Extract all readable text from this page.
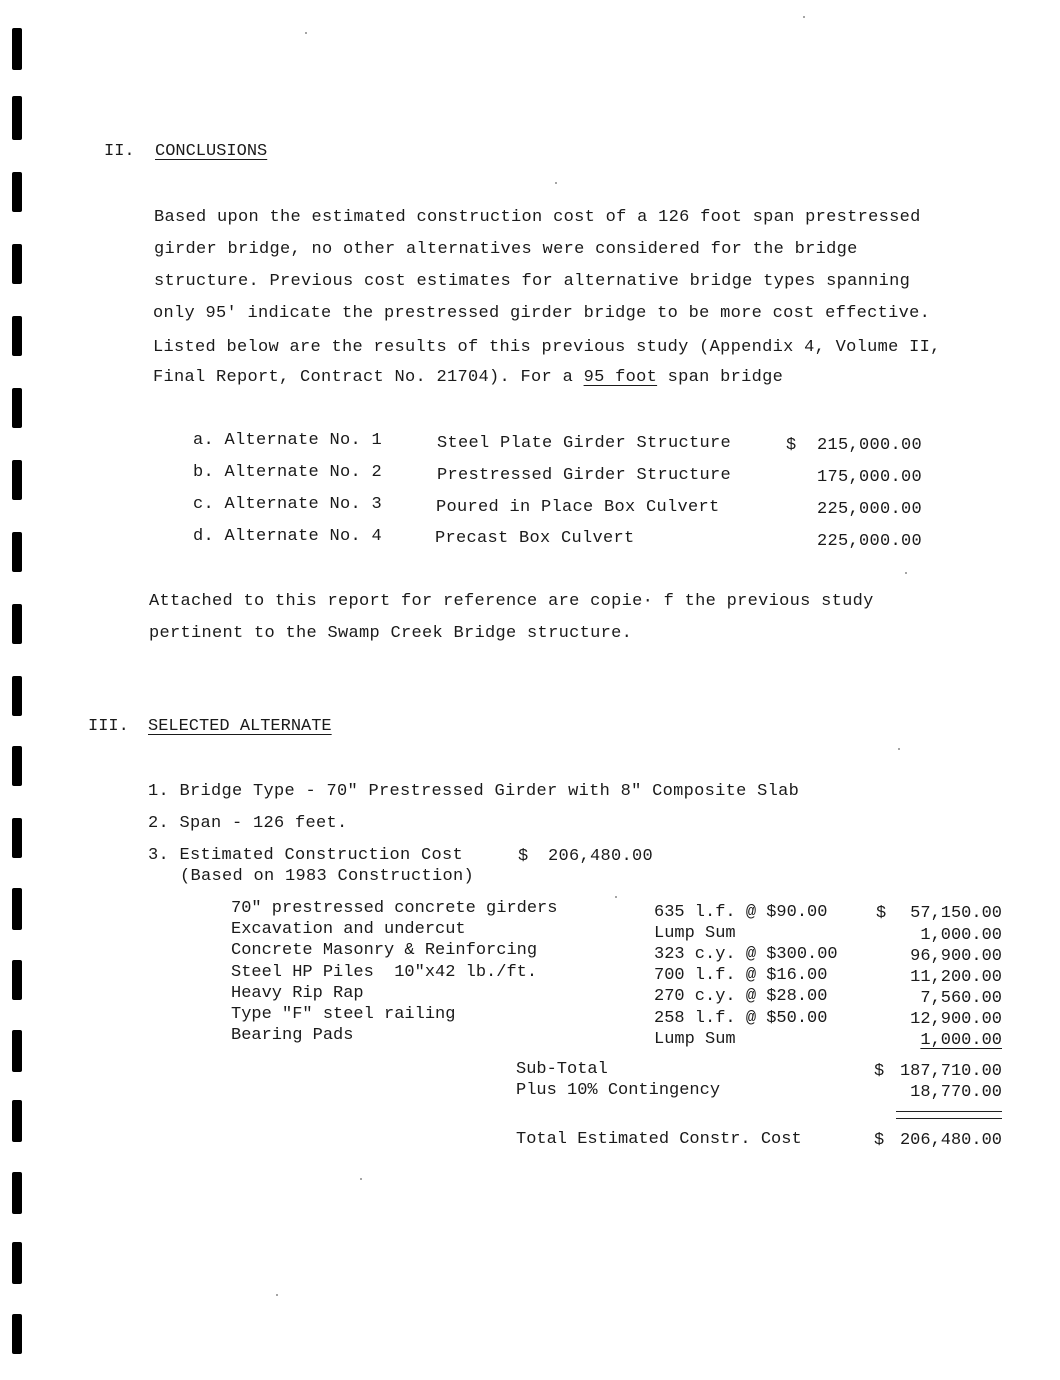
II. CONCLUSIONS
Based upon the estimated construction cost of a 126 foot span prestressed
girder bridge, no other alternatives were considered for the bridge
structure. Previous cost estimates for alternative bridge types spanning
only 95' indicate the prestressed girder bridge to be more cost effective.
Listed below are the results of this previous study (Appendix 4, Volume II,
Final Report, Contract No. 21704). For a 95 foot span bridge
a. Alternate No. 1	Steel Plate Girder Structure	$	215,000.00
b. Alternate No. 2	Prestressed Girder Structure	175,000.00
c. Alternate No. 3	Poured in Place Box Culvert	225,000.00
d. Alternate No. 4	Precast Box Culvert	225,000.00
Attached to this report for reference are copie· f the previous study
pertinent to the Swamp Creek Bridge structure.
III. SELECTED ALTERNATE
1. Bridge Type - 70" Prestressed Girder with 8" Composite Slab
2. Span - 126 feet.
3. Estimated Construction Cost	$ 206,480.00
(Based on 1983 Construction)
70" prestressed concrete girders	635 l.f. @ $90.00	$	57,150.00
Excavation and undercut	Lump Sum	1,000.00
Concrete Masonry & Reinforcing	323 c.y. @ $300.00	96,900.00
Steel HP Piles  10"x42 lb./ft.	700 l.f. @ $16.00	11,200.00
Heavy Rip Rap	270 c.y. @ $28.00	7,560.00
Type "F" steel railing	258 l.f. @ $50.00	12,900.00
Bearing Pads	Lump Sum	1,000.00
Sub-Total	$ 187,710.00
Plus 10% Contingency	18,770.00
Total Estimated Constr. Cost	$ 206,480.00
